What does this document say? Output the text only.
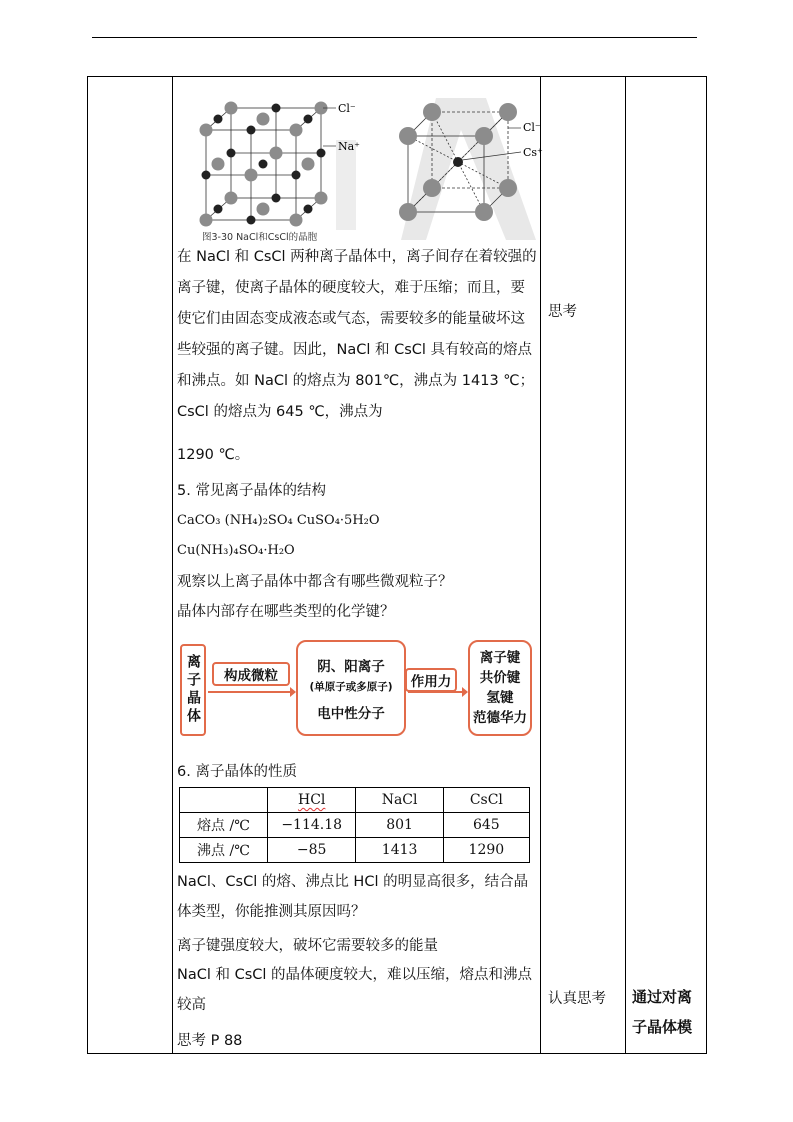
Cl⁻
Na⁺
Cl⁻
Cs⁺
图3-30 NaCl和CsCl的晶胞
在 NaCl 和 CsCl 两种离子晶体中，离子间存在着较强的离子键，使离子晶体的硬度较大，难于压缩；而且，要使它们由固态变成液态或气态，需要较多的能量破坏这些较强的离子键。因此，NaCl 和 CsCl 具有较高的熔点和沸点。如 NaCl 的熔点为 801℃，沸点为 1413 ℃； CsCl 的熔点为 645 ℃，沸点为
1290 ℃。
5. 常见离子晶体的结构
CaCO₃ (NH₄)₂SO₄ CuSO₄·5H₂O
Cu(NH₃)₄SO₄·H₂O
观察以上离子晶体中都含有哪些微观粒子？
晶体内部存在哪些类型的化学键？
离子晶体	构成微粒
阴、阳离子
(单原子或多原子)
电中性分子
作用力
离子键
共价键
氢键
范德华力
6. 离子晶体的性质
	HCl	NaCl	CsCl
熔点 /℃	−114.18	801	645
沸点 /℃	−85	1413	1290
NaCl、CsCl 的熔、沸点比 HCl 的明显高很多，结合晶体类型，你能推测其原因吗？
离子键强度较大，破坏它需要较多的能量
NaCl 和 CsCl 的晶体硬度较大，难以压缩，熔点和沸点较高
思考 P 88
思考
认真思考 通过对离子晶体模
